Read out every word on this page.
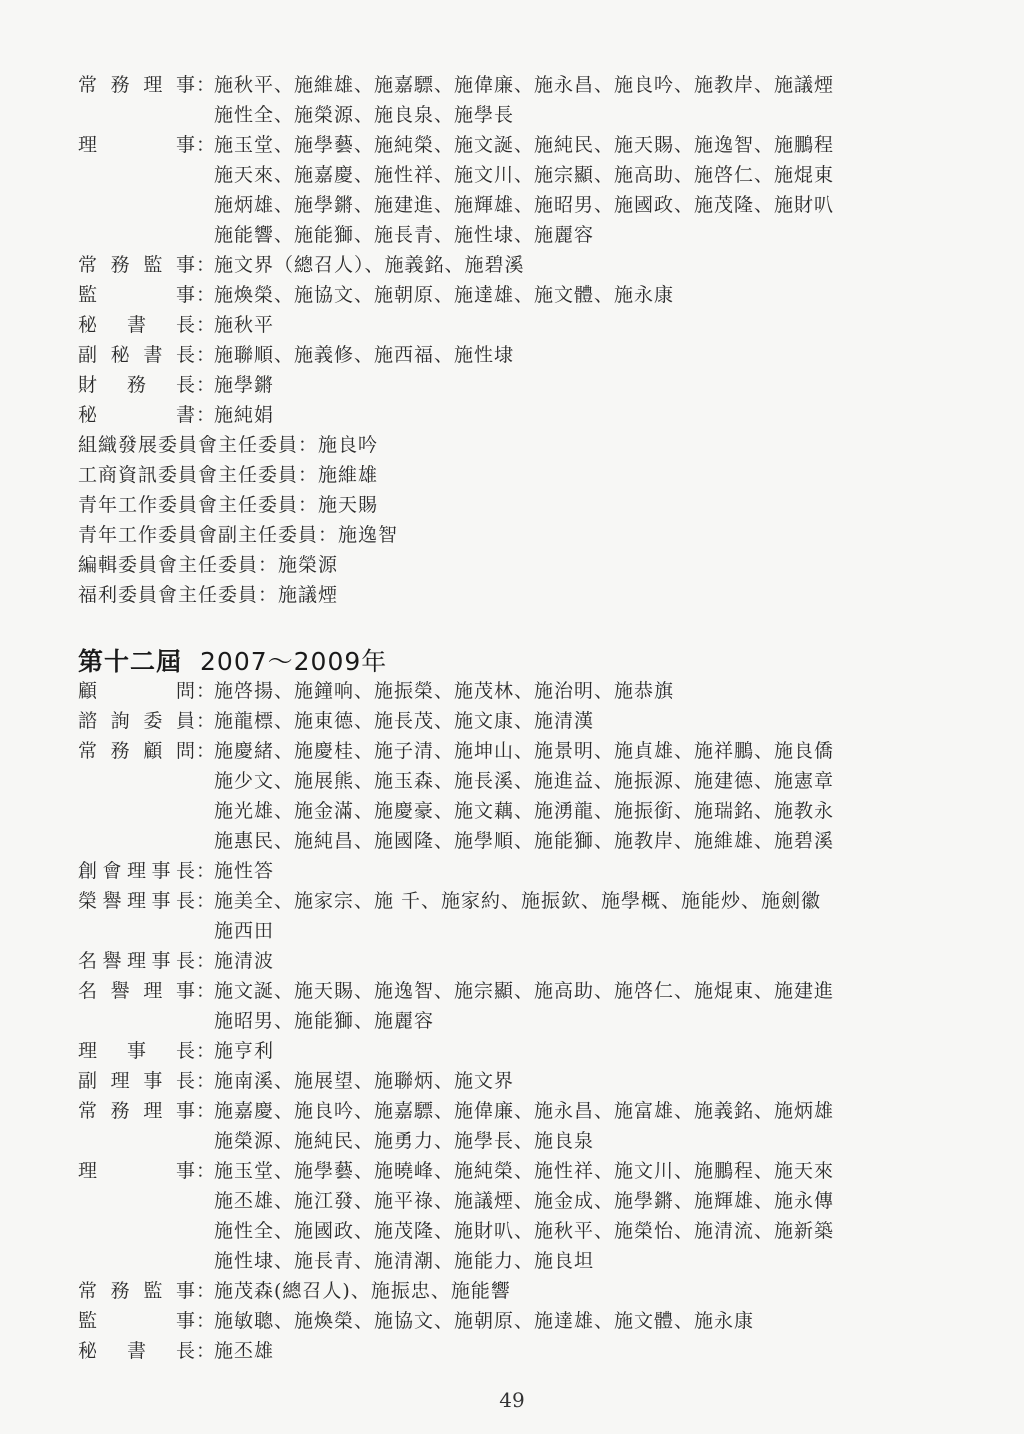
常 務 理 事 ：
施秋平、施維雄、施嘉驃、施偉廉、施永昌、施良吟、施教岸、施議煙
施性全、施榮源、施良泉、施學長
理	事 ：
施玉堂、施學藝、施純榮、施文誕、施純民、施天賜、施逸智、施鵬程
施天來、施嘉慶、施性祥、施文川、施宗顯、施高助、施啓仁、施焜東
施炳雄、施學鏘、施建進、施輝雄、施昭男、施國政、施茂隆、施財叭
施能響、施能獅、施長青、施性埭、施麗容
常 務 監 事 ：
施文界（總召人）、施義銘、施碧溪
監	事 ：
施煥榮、施協文、施朝原、施達雄、施文體、施永康
秘 書 長 ：
施秋平
副 秘 書 長 ：
施聯順、施義修、施西福、施性埭
財 務 長 ：
施學鏘
秘	書 ：
施純娟
組織發展委員會主任委員：施良吟
工商資訊委員會主任委員：施維雄
青年工作委員會主任委員：施天賜
青年工作委員會副主任委員：施逸智
編輯委員會主任委員：施榮源
福利委員會主任委員：施議煙
第十二屆 2007～2009年
顧	問 ：
施啓揚、施鐘响、施振榮、施茂林、施治明、施恭旗
諮 詢 委 員 ：
施龍標、施東德、施長茂、施文康、施清漢
常 務 顧 問 ：
施慶緒、施慶桂、施子清、施坤山、施景明、施貞雄、施祥鵬、施良僑
施少文、施展熊、施玉森、施長溪、施進益、施振源、施建德、施憲章
施光雄、施金滿、施慶豪、施文藕、施湧龍、施振銜、施瑞銘、施教永
施惠民、施純昌、施國隆、施學順、施能獅、施教岸、施維雄、施碧溪
創 會 理 事 長 ：
施性答
榮 譽 理 事 長 ：
施美全、施家宗、施 千、施家約、施振欽、施學概、施能炒、施劍徽
施西田
名 譽 理 事 長 ：
施清波
名 譽 理 事 ：
施文誕、施天賜、施逸智、施宗顯、施高助、施啓仁、施焜東、施建進
施昭男、施能獅、施麗容
理 事 長 ：
施亨利
副 理 事 長 ：
施南溪、施展望、施聯炳、施文界
常 務 理 事 ：
施嘉慶、施良吟、施嘉驃、施偉廉、施永昌、施富雄、施義銘、施炳雄
施榮源、施純民、施勇力、施學長、施良泉
理	事 ：
施玉堂、施學藝、施曉峰、施純榮、施性祥、施文川、施鵬程、施天來
施丕雄、施江發、施平祿、施議煙、施金成、施學鏘、施輝雄、施永傳
施性全、施國政、施茂隆、施財叭、施秋平、施榮怡、施清流、施新築
施性埭、施長青、施清潮、施能力、施良坦
常 務 監 事 ：
施茂森(總召人)、施振忠、施能響
監	事 ：
施敏聰、施煥榮、施協文、施朝原、施達雄、施文體、施永康
秘 書 長 ：
施丕雄
49
